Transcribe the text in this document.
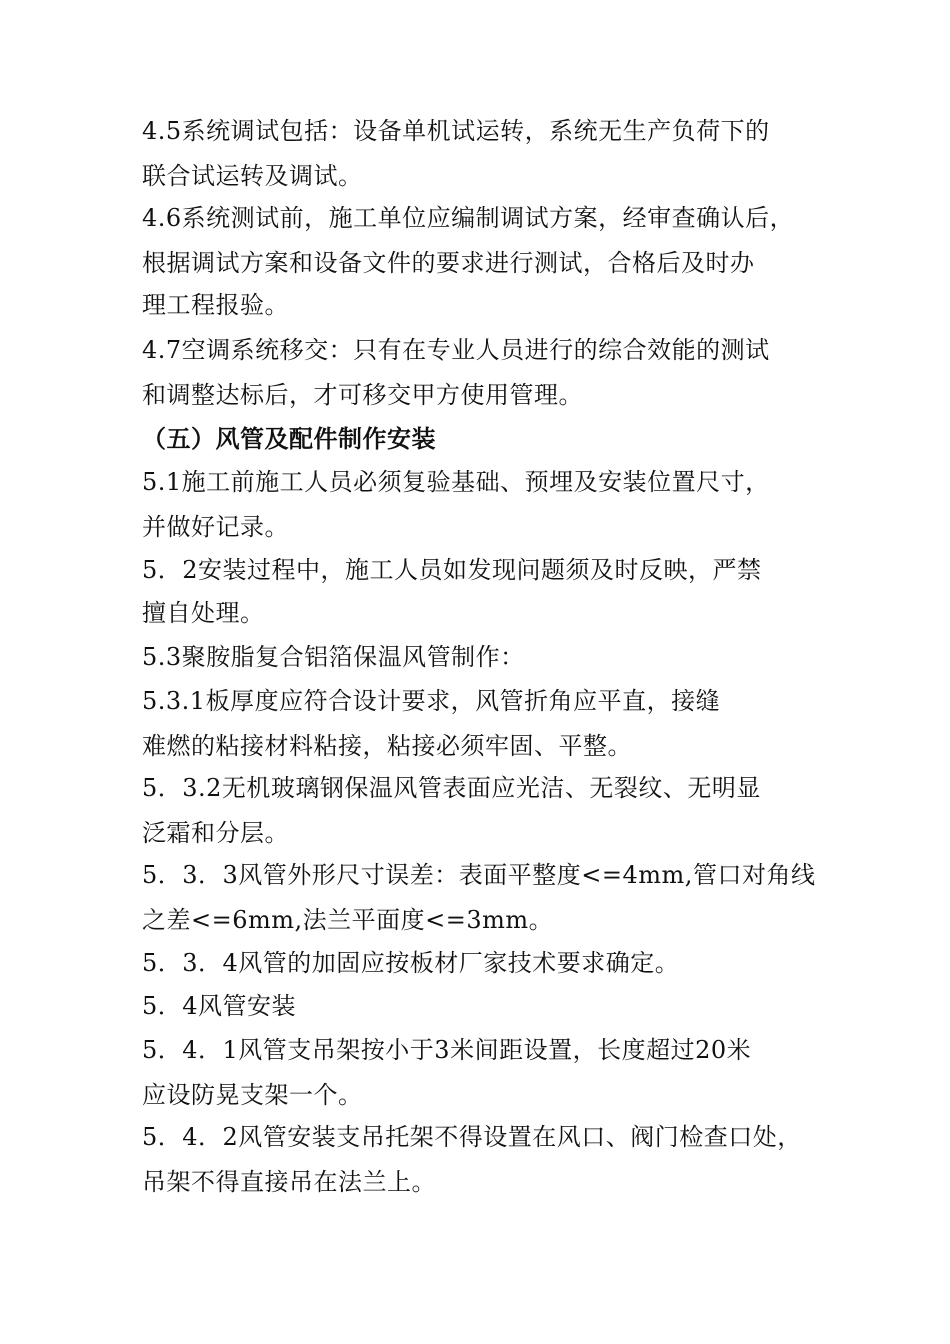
4.5系统调试包括：设备单机试运转，系统无生产负荷下的

联合试运转及调试。

4.6系统测试前，施工单位应编制调试方案，经审查确认后，

根据调试方案和设备文件的要求进行测试，合格后及时办

理工程报验。

4.7空调系统移交：只有在专业人员进行的综合效能的测试

和调整达标后，才可移交甲方使用管理。

（五）风管及配件制作安装

5.1施工前施工人员必须复验基础、预埋及安装位置尺寸，

并做好记录。

5．2安装过程中，施工人员如发现问题须及时反映，严禁

擅自处理。

5.3聚胺脂复合铝箔保温风管制作：

5.3.1板厚度应符合设计要求，风管折角应平直，接缝

难燃的粘接材料粘接，粘接必须牢固、平整。

5．3.2无机玻璃钢保温风管表面应光洁、无裂纹、无明显

泛霜和分层。

5．3．3风管外形尺寸误差：表面平整度<=4mm,管口对角线

之差<=6mm,法兰平面度<=3mm。

5．3．4风管的加固应按板材厂家技术要求确定。

5．4风管安装

5．4．1风管支吊架按小于3米间距设置，长度超过20米

应设防晃支架一个。

5．4．2风管安装支吊托架不得设置在风口、阀门检查口处，

吊架不得直接吊在法兰上。
